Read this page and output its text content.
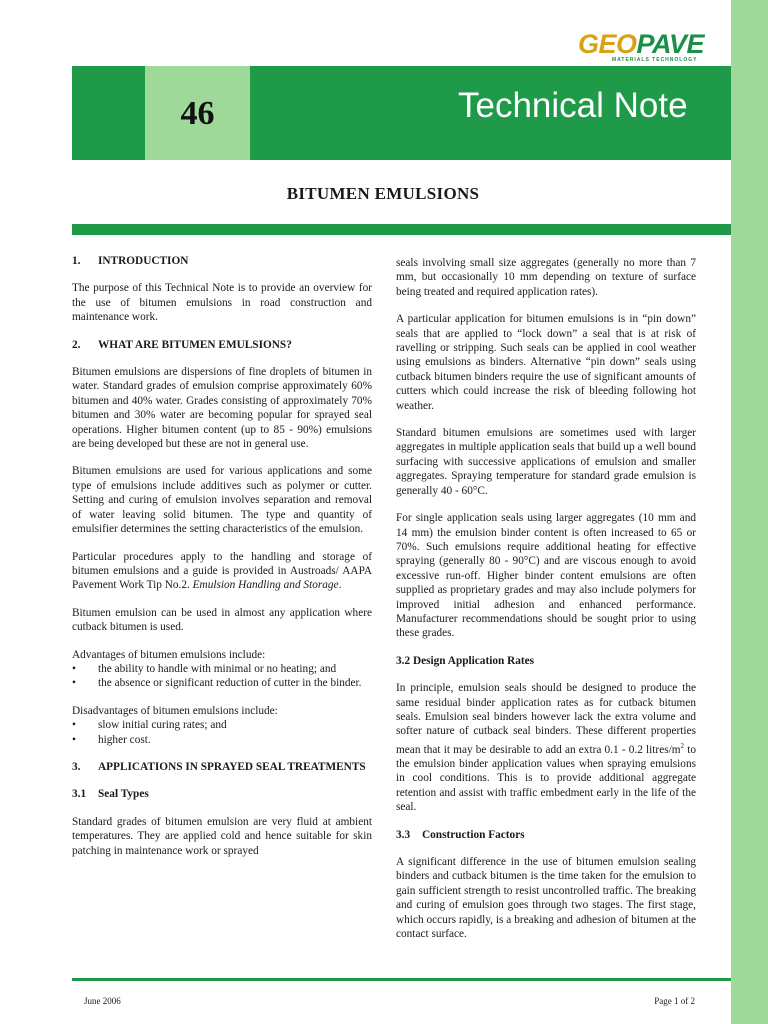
GEOPAVE
MATERIALS TECHNOLOGY
46	Technical Note
BITUMEN EMULSIONS
1.	INTRODUCTION

The purpose of this Technical Note is to provide an overview for the use of bitumen emulsions in road construction and maintenance work.

2.	WHAT ARE BITUMEN EMULSIONS?

Bitumen emulsions are dispersions of fine droplets of bitumen in water. Standard grades of emulsion comprise approximately 60% bitumen and 40% water. Grades consisting of approximately 70% bitumen and 30% water are becoming popular for sprayed seal operations. Higher bitumen content (up to 85 - 90%) emulsions are being developed but these are not in general use.

Bitumen emulsions are used for various applications and some type of emulsions include additives such as polymer or cutter. Setting and curing of emulsion involves separation and removal of water leaving solid bitumen. The type and quantity of emulsifier determines the setting characteristics of the emulsion.

Particular procedures apply to the handling and storage of bitumen emulsions and a guide is provided in Austroads/ AAPA Pavement Work Tip No.2. Emulsion Handling and Storage.

Bitumen emulsion can be used in almost any application where cutback bitumen is used.

Advantages of bitumen emulsions include:

•	the ability to handle with minimal or no heating; and
•	the absence or significant reduction of cutter in the binder.

Disadvantages of bitumen emulsions include:

•	slow initial curing rates; and
•	higher cost.
3.	APPLICATIONS IN SPRAYED SEAL TREATMENTS
3.1	Seal Types

Standard grades of bitumen emulsion are very fluid at ambient temperatures. They are applied cold and hence suitable for skin patching in maintenance work or sprayed

seals involving small size aggregates (generally no more than 7 mm, but occasionally 10 mm depending on texture of surface being treated and required application rates).

A particular application for bitumen emulsions is in “pin down” seals that are applied to “lock down” a seal that is at risk of ravelling or stripping. Such seals can be applied in cool weather using emulsions as binders. Alternative “pin down” seals using cutback bitumen binders require the use of significant amounts of cutters which could increase the risk of bleeding following hot weather.

Standard bitumen emulsions are sometimes used with larger aggregates in multiple application seals that build up a well bound surfacing with successive applications of emulsion and smaller aggregates. Spraying temperature for standard grade emulsion is generally 40 - 60°C.

For single application seals using larger aggregates (10 mm and 14 mm) the emulsion binder content is often increased to 65 or 70%. Such emulsions require additional heating for effective spraying (generally 80 - 90°C) and are viscous enough to avoid excessive run-off. Higher binder content emulsions are often supplied as proprietary grades and may also include polymers for improved initial adhesion and enhanced performance. Manufacturer recommendations should be sought prior to using these grades.

3.2 Design Application Rates

In principle, emulsion seals should be designed to produce the same residual binder application rates as for cutback bitumen seals. Emulsion seal binders however lack the extra volume and softer nature of cutback seal binders. These different properties mean that it may be desirable to add an extra 0.1 - 0.2 litres/$m^2$ to the emulsion binder application values when spraying emulsions in cool conditions. This is to provide additional aggregate retention and assist with traffic embedment early in the life of the seal.

3.3	Construction Factors

A significant difference in the use of bitumen emulsion sealing binders and cutback bitumen is the time taken for the emulsion to gain sufficient strength to resist uncontrolled traffic. The breaking and curing of emulsion goes through two stages. The first stage, which occurs rapidly, is a breaking and adhesion of bitumen at the contact surface.

June 2006	Page 1 of 2
